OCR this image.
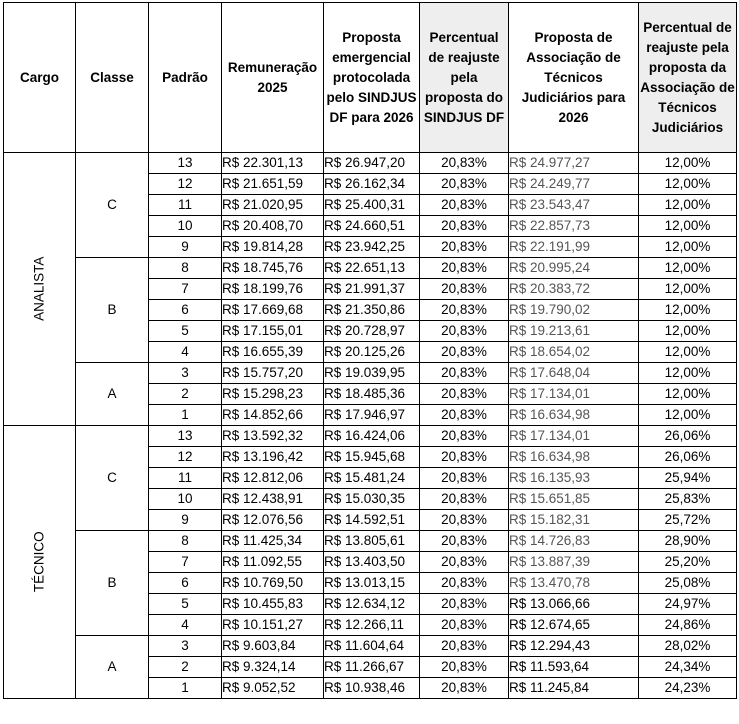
Cargo	Classe	Padrão	Remuneração 2025	Proposta emergencial protocolada pelo SINDJUS DF para 2026	Percentual de reajuste pela proposta do SINDJUS DF	Proposta de Associação de Técnicos Judiciários para 2026	Percentual de reajuste pela proposta da Associação de Técnicos Judiciários
ANALISTA	C	13	R$ 22.301,13	R$ 26.947,20	20,83%	R$ 24.977,27	12,00%
		12	R$ 21.651,59	R$ 26.162,34	20,83%	R$ 24.249,77	12,00%
		11	R$ 21.020,95	R$ 25.400,31	20,83%	R$ 23.543,47	12,00%
		10	R$ 20.408,70	R$ 24.660,51	20,83%	R$ 22.857,73	12,00%
		9	R$ 19.814,28	R$ 23.942,25	20,83%	R$ 22.191,99	12,00%
	B	8	R$ 18.745,76	R$ 22.651,13	20,83%	R$ 20.995,24	12,00%
		7	R$ 18.199,76	R$ 21.991,37	20,83%	R$ 20.383,72	12,00%
		6	R$ 17.669,68	R$ 21.350,86	20,83%	R$ 19.790,02	12,00%
		5	R$ 17.155,01	R$ 20.728,97	20,83%	R$ 19.213,61	12,00%
		4	R$ 16.655,39	R$ 20.125,26	20,83%	R$ 18.654,02	12,00%
	A	3	R$ 15.757,20	R$ 19.039,95	20,83%	R$ 17.648,04	12,00%
		2	R$ 15.298,23	R$ 18.485,36	20,83%	R$ 17.134,01	12,00%
		1	R$ 14.852,66	R$ 17.946,97	20,83%	R$ 16.634,98	12,00%
TÉCNICO	C	13	R$ 13.592,32	R$ 16.424,06	20,83%	R$ 17.134,01	26,06%
		12	R$ 13.196,42	R$ 15.945,68	20,83%	R$ 16.634,98	26,06%
		11	R$ 12.812,06	R$ 15.481,24	20,83%	R$ 16.135,93	25,94%
		10	R$ 12.438,91	R$ 15.030,35	20,83%	R$ 15.651,85	25,83%
		9	R$ 12.076,56	R$ 14.592,51	20,83%	R$ 15.182,31	25,72%
	B	8	R$ 11.425,34	R$ 13.805,61	20,83%	R$ 14.726,83	28,90%
		7	R$ 11.092,55	R$ 13.403,50	20,83%	R$ 13.887,39	25,20%
		6	R$ 10.769,50	R$ 13.013,15	20,83%	R$ 13.470,78	25,08%
		5	R$ 10.455,83	R$ 12.634,12	20,83%	R$ 13.066,66	24,97%
		4	R$ 10.151,27	R$ 12.266,11	20,83%	R$ 12.674,65	24,86%
	A	3	R$ 9.603,84	R$ 11.604,64	20,83%	R$ 12.294,43	28,02%
		2	R$ 9.324,14	R$ 11.266,67	20,83%	R$ 11.593,64	24,34%
		1	R$ 9.052,52	R$ 10.938,46	20,83%	R$ 11.245,84	24,23%
